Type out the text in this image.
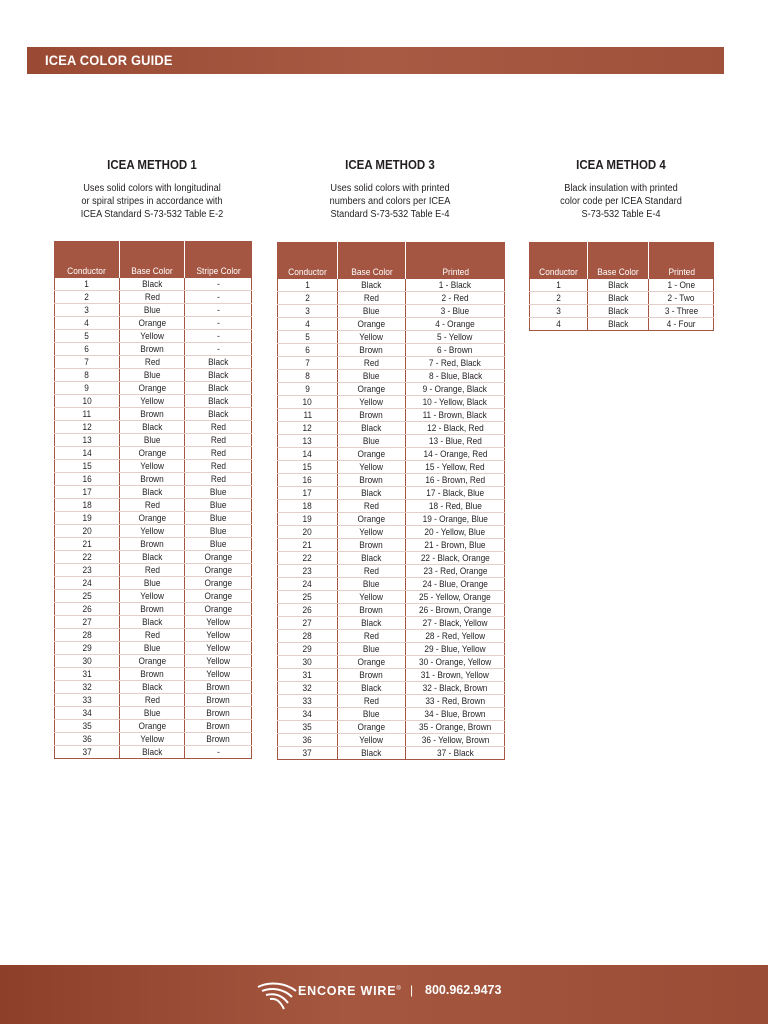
ICEA COLOR GUIDE
ICEA METHOD 1
Uses solid colors with longitudinal
or spiral stripes in accordance with
ICEA Standard S-73-532 Table E-2
Conductor	Base Color	Stripe Color
1	Black	-
2	Red	-
3	Blue	-
4	Orange	-
5	Yellow	-
6	Brown	-
7	Red	Black
8	Blue	Black
9	Orange	Black
10	Yellow	Black
11	Brown	Black
12	Black	Red
13	Blue	Red
14	Orange	Red
15	Yellow	Red
16	Brown	Red
17	Black	Blue
18	Red	Blue
19	Orange	Blue
20	Yellow	Blue
21	Brown	Blue
22	Black	Orange
23	Red	Orange
24	Blue	Orange
25	Yellow	Orange
26	Brown	Orange
27	Black	Yellow
28	Red	Yellow
29	Blue	Yellow
30	Orange	Yellow
31	Brown	Yellow
32	Black	Brown
33	Red	Brown
34	Blue	Brown
35	Orange	Brown
36	Yellow	Brown
37	Black	-
ICEA METHOD 3
Uses solid colors with printed
numbers and colors per ICEA
Standard S-73-532 Table E-4
Conductor	Base Color	Printed
1	Black	1 - Black
2	Red	2 - Red
3	Blue	3 - Blue
4	Orange	4 - Orange
5	Yellow	5 - Yellow
6	Brown	6 - Brown
7	Red	7 - Red, Black
8	Blue	8 - Blue, Black
9	Orange	9 - Orange, Black
10	Yellow	10 - Yellow, Black
11	Brown	11 - Brown, Black
12	Black	12 - Black, Red
13	Blue	13 - Blue, Red
14	Orange	14 - Orange, Red
15	Yellow	15 - Yellow, Red
16	Brown	16 - Brown, Red
17	Black	17 - Black, Blue
18	Red	18 - Red, Blue
19	Orange	19 - Orange, Blue
20	Yellow	20 - Yellow, Blue
21	Brown	21 - Brown, Blue
22	Black	22 - Black, Orange
23	Red	23 - Red, Orange
24	Blue	24 - Blue, Orange
25	Yellow	25 - Yellow, Orange
26	Brown	26 - Brown, Orange
27	Black	27 - Black, Yellow
28	Red	28 - Red, Yellow
29	Blue	29 - Blue, Yellow
30	Orange	30 - Orange, Yellow
31	Brown	31 - Brown, Yellow
32	Black	32 - Black, Brown
33	Red	33 - Red, Brown
34	Blue	34 - Blue, Brown
35	Orange	35 - Orange, Brown
36	Yellow	36 - Yellow, Brown
37	Black	37 - Black
ICEA METHOD 4
Black insulation with printed
color code per ICEA Standard
S-73-532 Table E-4
Conductor	Base Color	Printed
1	Black	1 - One
2	Black	2 - Two
3	Black	3 - Three
4	Black	4 - Four
ENCORE WIRE® | 800.962.9473
